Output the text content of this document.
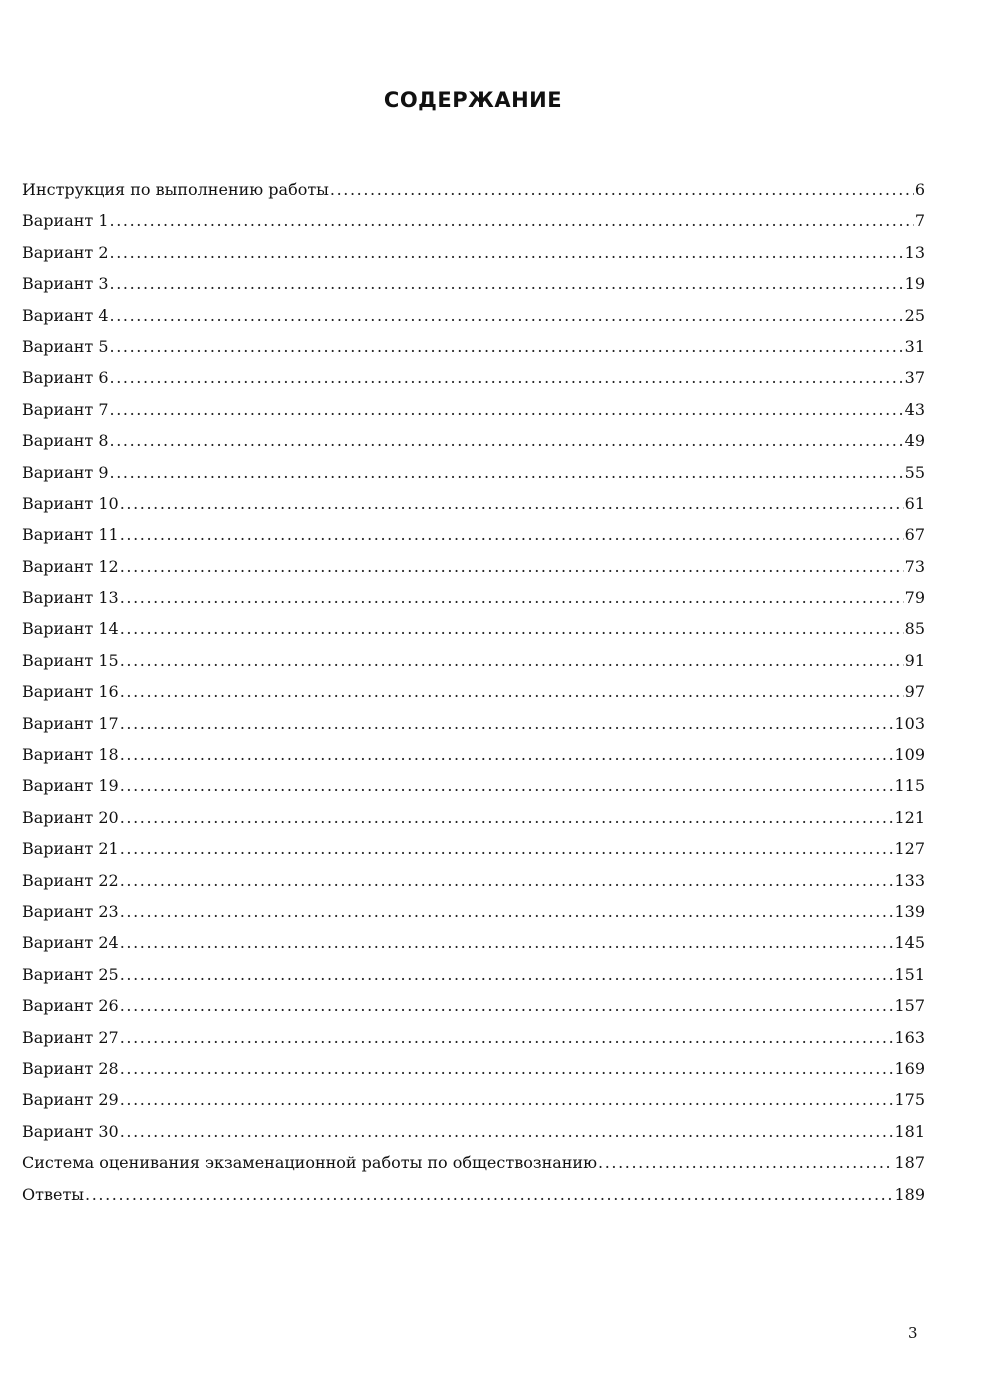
СОДЕРЖАНИЕ
Инструкция по выполнению работы .....	6
Вариант 1 .....	7
Вариант 2 .....	13
Вариант 3 .....	19
Вариант 4 .....	25
Вариант 5 .....	31
Вариант 6 .....	37
Вариант 7 .....	43
Вариант 8 .....	49
Вариант 9 .....	55
Вариант 10 .....	61
Вариант 11 .....	67
Вариант 12 .....	73
Вариант 13 .....	79
Вариант 14 .....	85
Вариант 15 .....	91
Вариант 16 .....	97
Вариант 17 .....	103
Вариант 18 .....	109
Вариант 19 .....	115
Вариант 20 .....	121
Вариант 21 .....	127
Вариант 22 .....	133
Вариант 23 .....	139
Вариант 24 .....	145
Вариант 25 .....	151
Вариант 26 .....	157
Вариант 27 .....	163
Вариант 28 .....	169
Вариант 29 .....	175
Вариант 30 .....	181
Система оценивания экзаменационной работы по обществознанию .....	187
Ответы .....	189
3
